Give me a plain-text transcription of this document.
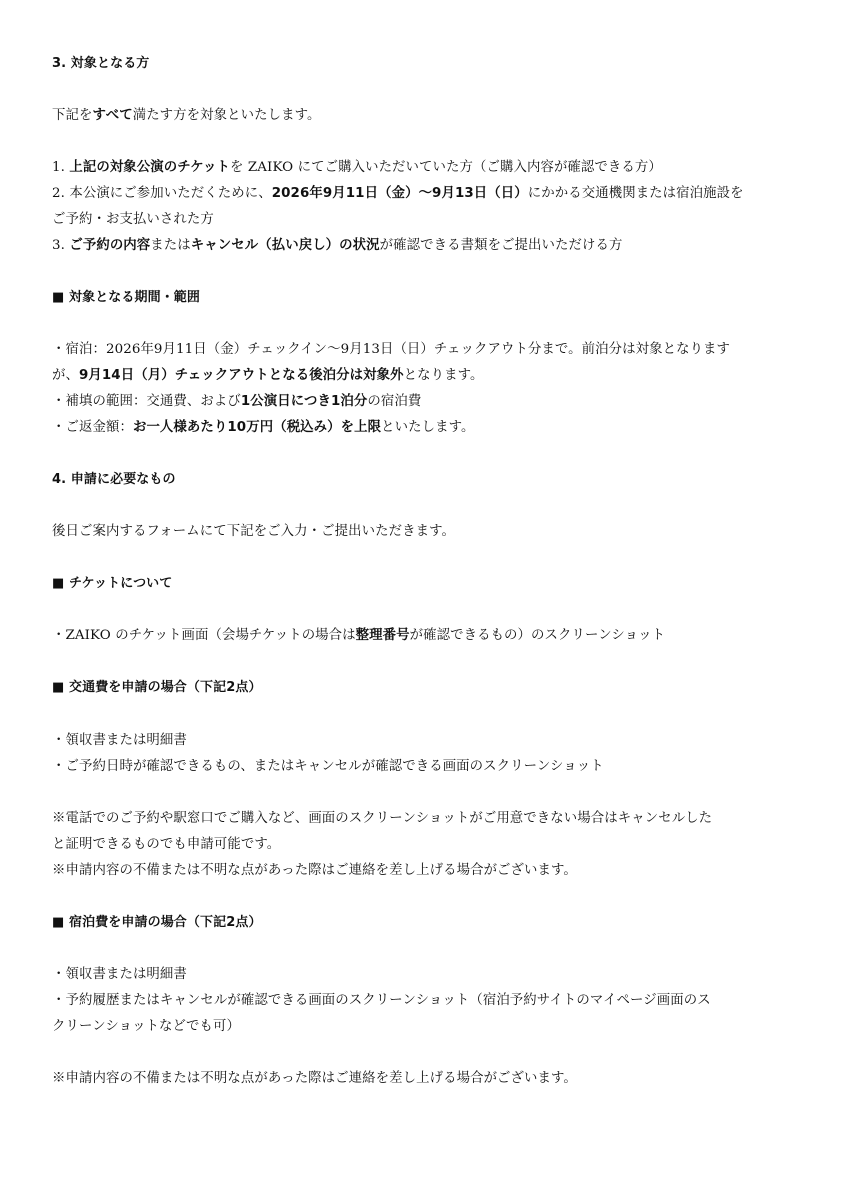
3. 対象となる方
下記をすべて満たす方を対象といたします。
1. 上記の対象公演のチケットを ZAIKO にてご購入いただいていた方（ご購入内容が確認できる方）
2. 本公演にご参加いただくために、2026年9月11日（金）〜9月13日（日）にかかる交通機関または宿泊施設を
ご予約・お支払いされた方
3. ご予約の内容またはキャンセル（払い戻し）の状況が確認できる書類をご提出いただける方
■ 対象となる期間・範囲
・宿泊：2026年9月11日（金）チェックイン〜9月13日（日）チェックアウト分まで。前泊分は対象となります
が、9月14日（月）チェックアウトとなる後泊分は対象外となります。
・補填の範囲：交通費、および1公演日につき1泊分の宿泊費
・ご返金額：お一人様あたり10万円（税込み）を上限といたします。
4. 申請に必要なもの
後日ご案内するフォームにて下記をご入力・ご提出いただきます。
■ チケットについて
・ZAIKO のチケット画面（会場チケットの場合は整理番号が確認できるもの）のスクリーンショット
■ 交通費を申請の場合（下記2点）
・領収書または明細書
・ご予約日時が確認できるもの、またはキャンセルが確認できる画面のスクリーンショット
※電話でのご予約や駅窓口でご購入など、画面のスクリーンショットがご用意できない場合はキャンセルした
と証明できるものでも申請可能です。
※申請内容の不備または不明な点があった際はご連絡を差し上げる場合がございます。
■ 宿泊費を申請の場合（下記2点）
・領収書または明細書
・予約履歴またはキャンセルが確認できる画面のスクリーンショット（宿泊予約サイトのマイページ画面のス
クリーンショットなどでも可）
※申請内容の不備または不明な点があった際はご連絡を差し上げる場合がございます。
